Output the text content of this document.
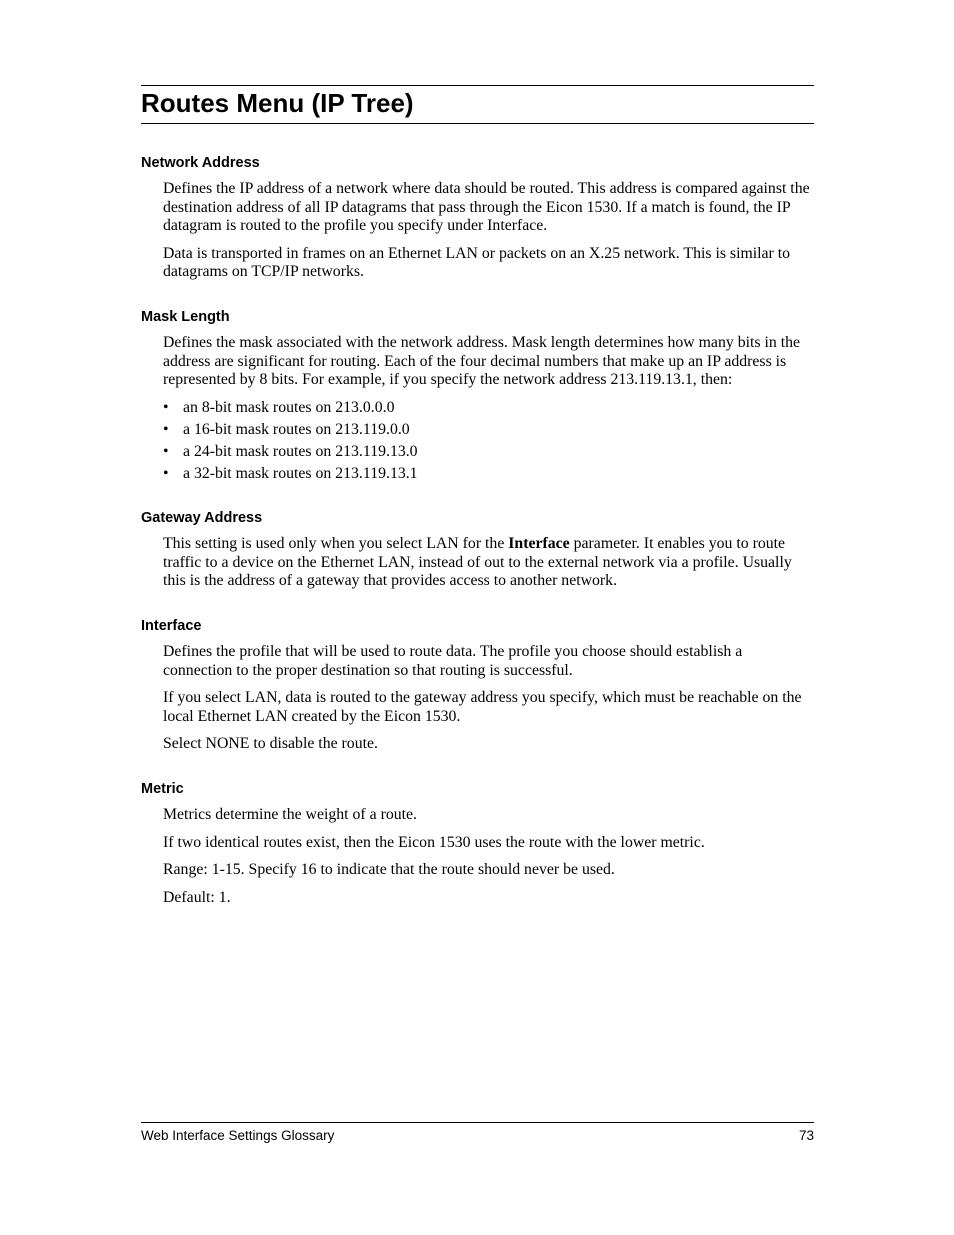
Routes Menu (IP Tree)
Network Address

Defines the IP address of a network where data should be routed. This address is compared against the destination address of all IP datagrams that pass through the Eicon 1530. If a match is found, the IP datagram is routed to the profile you specify under Interface.

Data is transported in frames on an Ethernet LAN or packets on an X.25 network. This is similar to datagrams on TCP/IP networks.

Mask Length

Defines the mask associated with the network address. Mask length determines how many bits in the address are significant for routing. Each of the four decimal numbers that make up an IP address is represented by 8 bits. For example, if you specify the network address 213.119.13.1, then:

• an 8-bit mask routes on 213.0.0.0
• a 16-bit mask routes on 213.119.0.0
• a 24-bit mask routes on 213.119.13.0
• a 32-bit mask routes on 213.119.13.1
Gateway Address

This setting is used only when you select LAN for the Interface parameter. It enables you to route traffic to a device on the Ethernet LAN, instead of out to the external network via a profile. Usually this is the address of a gateway that provides access to another network.

Interface

Defines the profile that will be used to route data. The profile you choose should establish a connection to the proper destination so that routing is successful.

If you select LAN, data is routed to the gateway address you specify, which must be reachable on the local Ethernet LAN created by the Eicon 1530.

Select NONE to disable the route.

Metric

Metrics determine the weight of a route.

If two identical routes exist, then the Eicon 1530 uses the route with the lower metric.

Range: 1-15. Specify 16 to indicate that the route should never be used.

Default: 1.

Web Interface Settings Glossary	73
